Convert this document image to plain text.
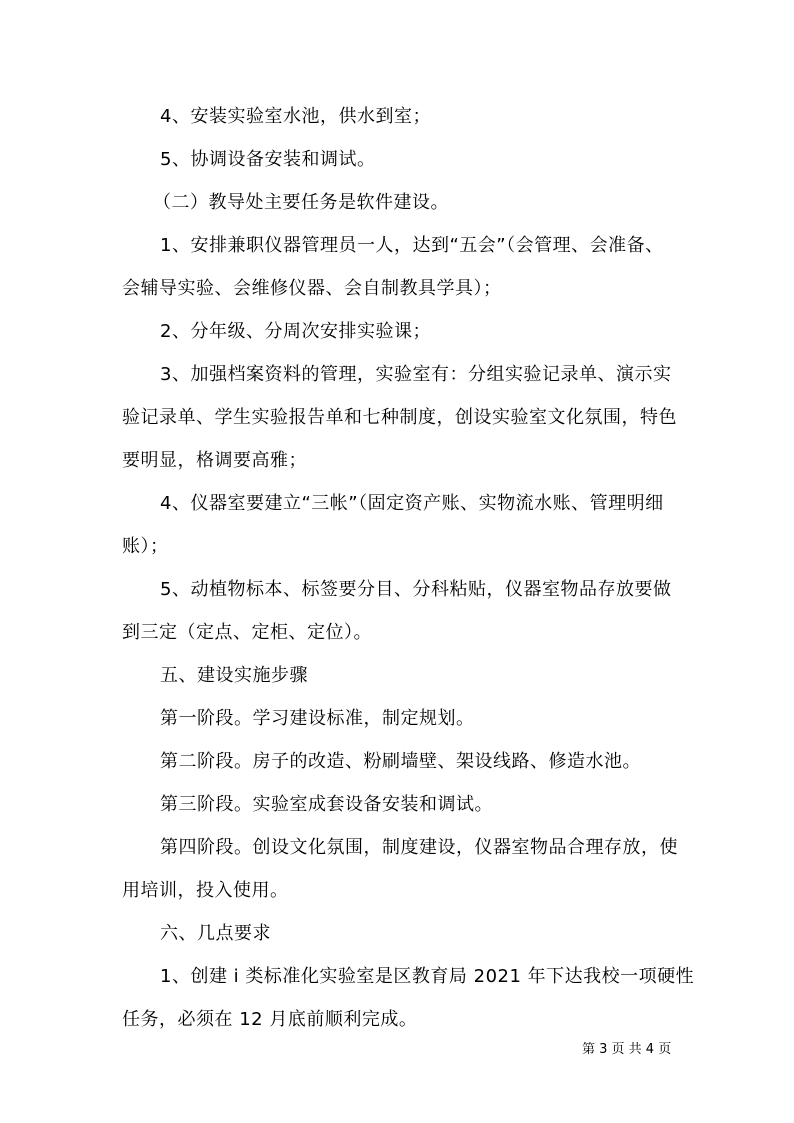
4、安装实验室水池，供水到室；
5、协调设备安装和调试。
（二）教导处主要任务是软件建设。
1、安排兼职仪器管理员一人，达到“五会”（会管理、会准备、
会辅导实验、会维修仪器、会自制教具学具）；
2、分年级、分周次安排实验课；
3、加强档案资料的管理，实验室有：分组实验记录单、演示实
验记录单、学生实验报告单和七种制度，创设实验室文化氛围，特色
要明显，格调要高雅；
4、仪器室要建立“三帐”（固定资产账、实物流水账、管理明细
账）；
5、动植物标本、标签要分目、分科粘贴，仪器室物品存放要做
到三定（定点、定柜、定位）。
五、建设实施步骤
第一阶段。学习建设标准，制定规划。
第二阶段。房子的改造、粉刷墙壁、架设线路、修造水池。
第三阶段。实验室成套设备安装和调试。
第四阶段。创设文化氛围，制度建设，仪器室物品合理存放，使
用培训，投入使用。
六、几点要求
1、创建 i 类标准化实验室是区教育局 2021 年下达我校一项硬性
任务，必须在 12 月底前顺利完成。
第 3 页 共 4 页
